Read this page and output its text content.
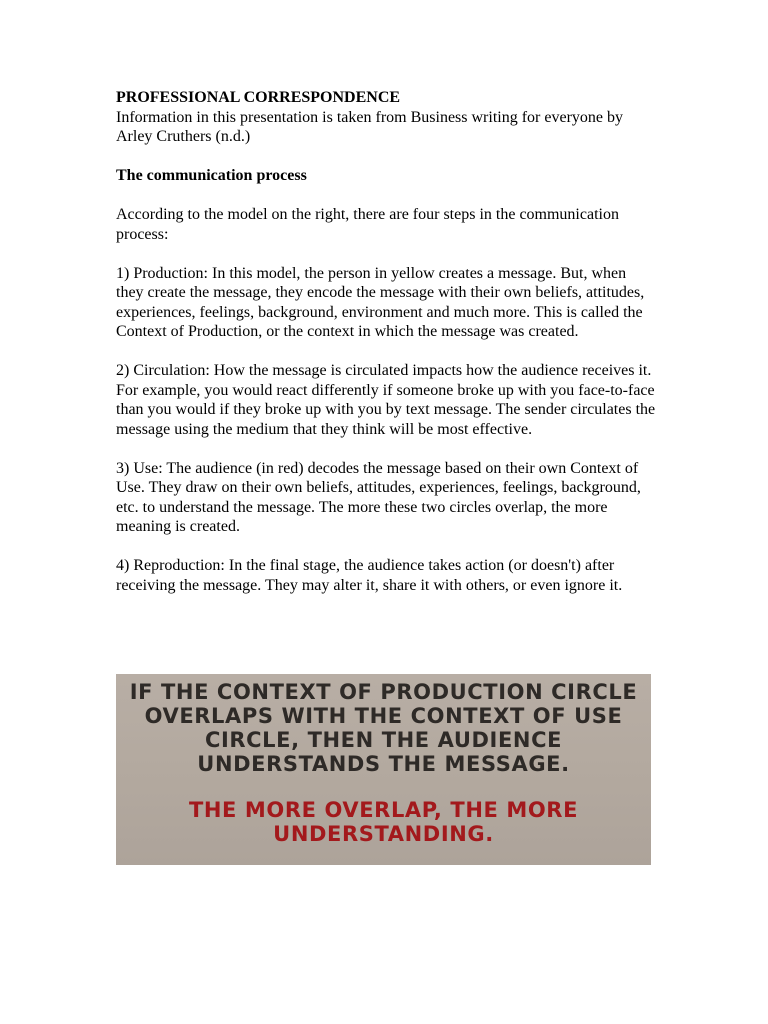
PROFESSIONAL CORRESPONDENCE

Information in this presentation is taken from Business writing for everyone by Arley Cruthers (n.d.)

The communication process

According to the model on the right, there are four steps in the communication process:

1) Production: In this model, the person in yellow creates a message. But, when they create the message, they encode the message with their own beliefs, attitudes, experiences, feelings, background, environment and much more. This is called the Context of Production, or the context in which the message was created.

2) Circulation: How the message is circulated impacts how the audience receives it. For example, you would react differently if someone broke up with you face-to-face than you would if they broke up with you by text message. The sender circulates the message using the medium that they think will be most effective.

3) Use: The audience (in red) decodes the message based on their own Context of Use. They draw on their own beliefs, attitudes, experiences, feelings, background, etc. to understand the message. The more these two circles overlap, the more meaning is created.

4) Reproduction: In the final stage, the audience takes action (or doesn't) after receiving the message. They may alter it, share it with others, or even ignore it.

IF THE CONTEXT OF PRODUCTION CIRCLE

OVERLAPS WITH THE CONTEXT OF USE

CIRCLE, THEN THE AUDIENCE

UNDERSTANDS THE MESSAGE.

THE MORE OVERLAP, THE MORE

UNDERSTANDING.
